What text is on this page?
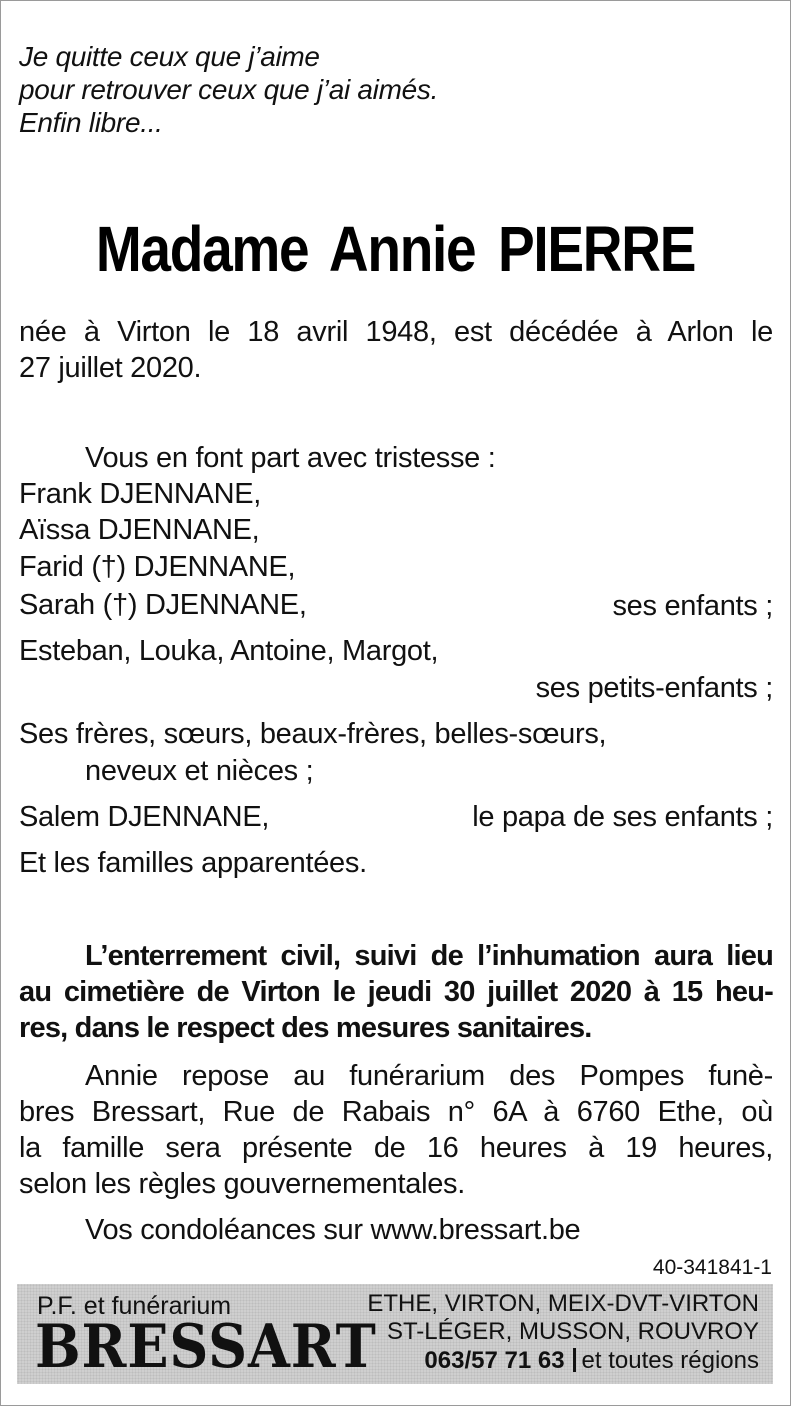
Je quitte ceux que j’aime
pour retrouver ceux que j’ai aimés.
Enfin libre...
Madame Annie PIERRE
née à Virton le 18 avril 1948, est décédée à Arlon le
27 juillet 2020.
Vous en font part avec tristesse :
Frank DJENNANE,
Aïssa DJENNANE,
Farid (†) DJENNANE,
Sarah (†) DJENNANE,	ses enfants ;
Esteban, Louka, Antoine, Margot,
ses petits-enfants ;
Ses frères, sœurs, beaux-frères, belles-sœurs,
neveux et nièces ;
Salem DJENNANE,	le papa de ses enfants ;
Et les familles apparentées.
L’enterrement civil, suivi de l’inhumation aura lieu
au cimetière de Virton le jeudi 30 juillet 2020 à 15 heu-
res, dans le respect des mesures sanitaires.
Annie repose au funérarium des Pompes funè-
bres Bressart, Rue de Rabais n° 6A à 6760 Ethe, où
la famille sera présente de 16 heures à 19 heures,
selon les règles gouvernementales.
Vos condoléances sur www.bressart.be
40-341841-1
P.F. et funérarium
BRESSART
ETHE, VIRTON, MEIX-DVT-VIRTON
ST-LÉGER, MUSSON, ROUVROY
063/57 71 63 et toutes régions
